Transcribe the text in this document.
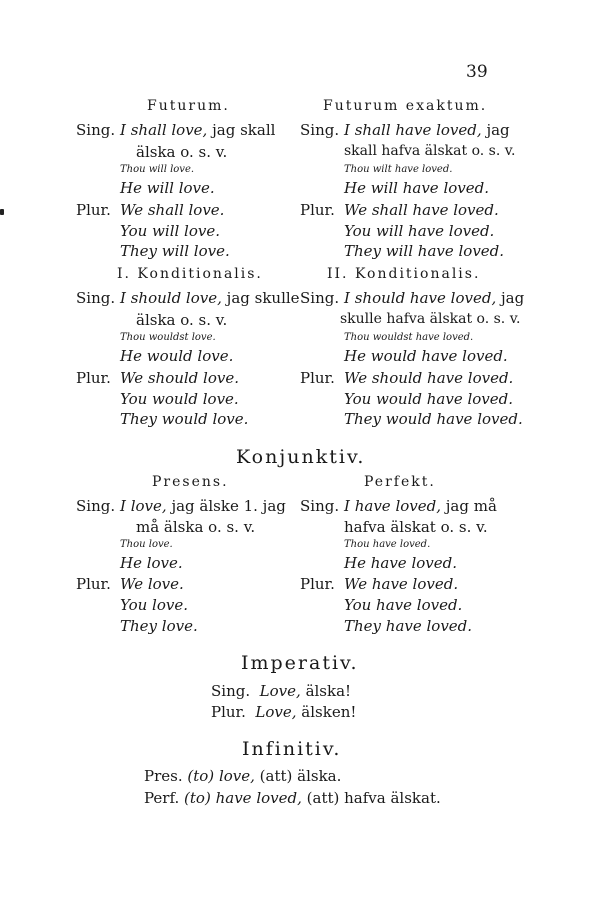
39
Futurum.
Sing. I shall love, jag skall
älska o. s. v.
Thou will love.
He will love.
Plur. We shall love.
You will love.
They will love.
Futurum exaktum.
Sing. I shall have loved, jag
skall hafva älskat o. s. v.
Thou wilt have loved.
He will have loved.
Plur. We shall have loved.
You will have loved.
They will have loved.
I. Konditionalis.
Sing. I should love, jag skulle
älska o. s. v.
Thou wouldst love.
He would love.
Plur. We should love.
You would love.
They would love.
II. Konditionalis.
Sing. I should have loved, jag
skulle hafva älskat o. s. v.
Thou wouldst have loved.
He would have loved.
Plur. We should have loved.
You would have loved.
They would have loved.
Konjunktiv.
Presens.
Sing. I love, jag älske 1. jag
må älska o. s. v.
Thou love.
He love.
Plur. We love.
You love.
They love.
Perfekt.
Sing. I have loved, jag må
hafva älskat o. s. v.
Thou have loved.
He have loved.
Plur. We have loved.
You have loved.
They have loved.
Imperativ.
Sing. Love, älska!
Plur. Love, älsken!
Infinitiv.
Pres. (to) love, (att) älska.
Perf. (to) have loved, (att) hafva älskat.
